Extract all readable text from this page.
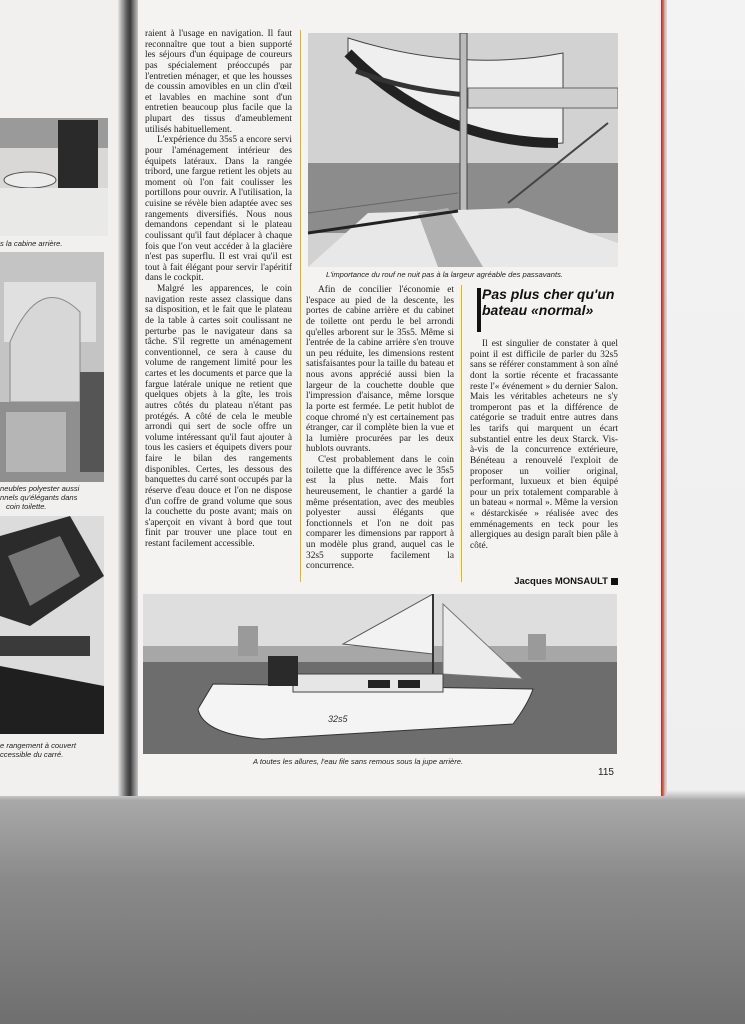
s la cabine arrière.
neubles polyester aussi
nnels qu'élégants dans
coin toilette.
e rangement à couvert
ccessible du carré.
L'importance du rouf ne nuit pas à la largeur agréable des passavants.

raient à l'usage en navigation. Il faut reconnaître que tout a bien supporté les séjours d'un équipage de coureurs pas spécialement préoccupés par l'entretien ménager, et que les housses de coussin amovibles en un clin d'œil et lavables en machine sont d'un entretien beaucoup plus facile que la plupart des tissus d'ameublement utilisés habituellement.

L'expérience du 35s5 a encore servi pour l'aménagement intérieur des équipets latéraux. Dans la rangée tribord, une fargue retient les objets au moment où l'on fait coulisser les portillons pour ouvrir. A l'utilisation, la cuisine se révèle bien adaptée avec ses rangements diversifiés. Nous nous demandons cependant si le plateau coulissant qu'il faut déplacer à chaque fois que l'on veut accéder à la glacière n'est pas superflu. Il est vrai qu'il est tout à fait élégant pour servir l'apéritif dans le cockpit.

Malgré les apparences, le coin navigation reste assez classique dans sa disposition, et le fait que le plateau de la table à cartes soit coulissant ne perturbe pas le navigateur dans sa tâche. S'il regrette un aménagement conventionnel, ce sera à cause du volume de rangement limité pour les cartes et les documents et parce que la fargue latérale unique ne retient que quelques objets à la gîte, les trois autres côtés du plateau n'étant pas protégés. A côté de cela le meuble arrondi qui sert de socle offre un volume intéressant qu'il faut ajouter à tous les casiers et équipets divers pour faire le bilan des rangements disponibles. Certes, les dessous des banquettes du carré sont occupés par la réserve d'eau douce et l'on ne dispose d'un coffre de grand volume que sous la couchette du poste avant; mais on s'aperçoit en vivant à bord que tout finit par trouver une place tout en restant facilement accessible.

Afin de concilier l'économie et l'espace au pied de la descente, les portes de cabine arrière et du cabinet de toilette ont perdu le bel arrondi qu'elles arborent sur le 35s5. Même si l'entrée de la cabine arrière s'en trouve un peu réduite, les dimensions restent satisfaisantes pour la taille du bateau et nous avons apprécié aussi bien la largeur de la couchette double que l'impression d'aisance, même lorsque la porte est fermée. Le petit hublot de coque chromé n'y est certainement pas étranger, car il complète bien la vue et la lumière procurées par les deux hublots ouvrants.

C'est probablement dans le coin toilette que la différence avec le 35s5 est la plus nette. Mais fort heureusement, le chantier a gardé la même présentation, avec des meubles polyester aussi élégants que fonctionnels et l'on ne doit pas comparer les dimensions par rapport à un modèle plus grand, auquel cas le 32s5 supporte facilement la concurrence.

Pas plus cher qu'un bateau «normal»

Il est singulier de constater à quel point il est difficile de parler du 32s5 sans se référer constamment à son aîné dont la sortie récente et fracassante reste l'« événement » du dernier Salon. Mais les véritables acheteurs ne s'y tromperont pas et la différence de catégorie se traduit entre autres dans les tarifs qui marquent un écart substantiel entre les deux Starck. Vis-à-vis de la concurrence extérieure, Bénéteau a renouvelé l'exploit de proposer un voilier original, performant, luxueux et bien équipé pour un prix totalement comparable à un bateau « normal ». Même la version « déstarckisée » réalisée avec des emménagements en teck pour les allergiques au design paraît bien pâle à côté.

Jacques MONSAULT
32s5
A toutes les allures, l'eau file sans remous sous la jupe arrière.
115
